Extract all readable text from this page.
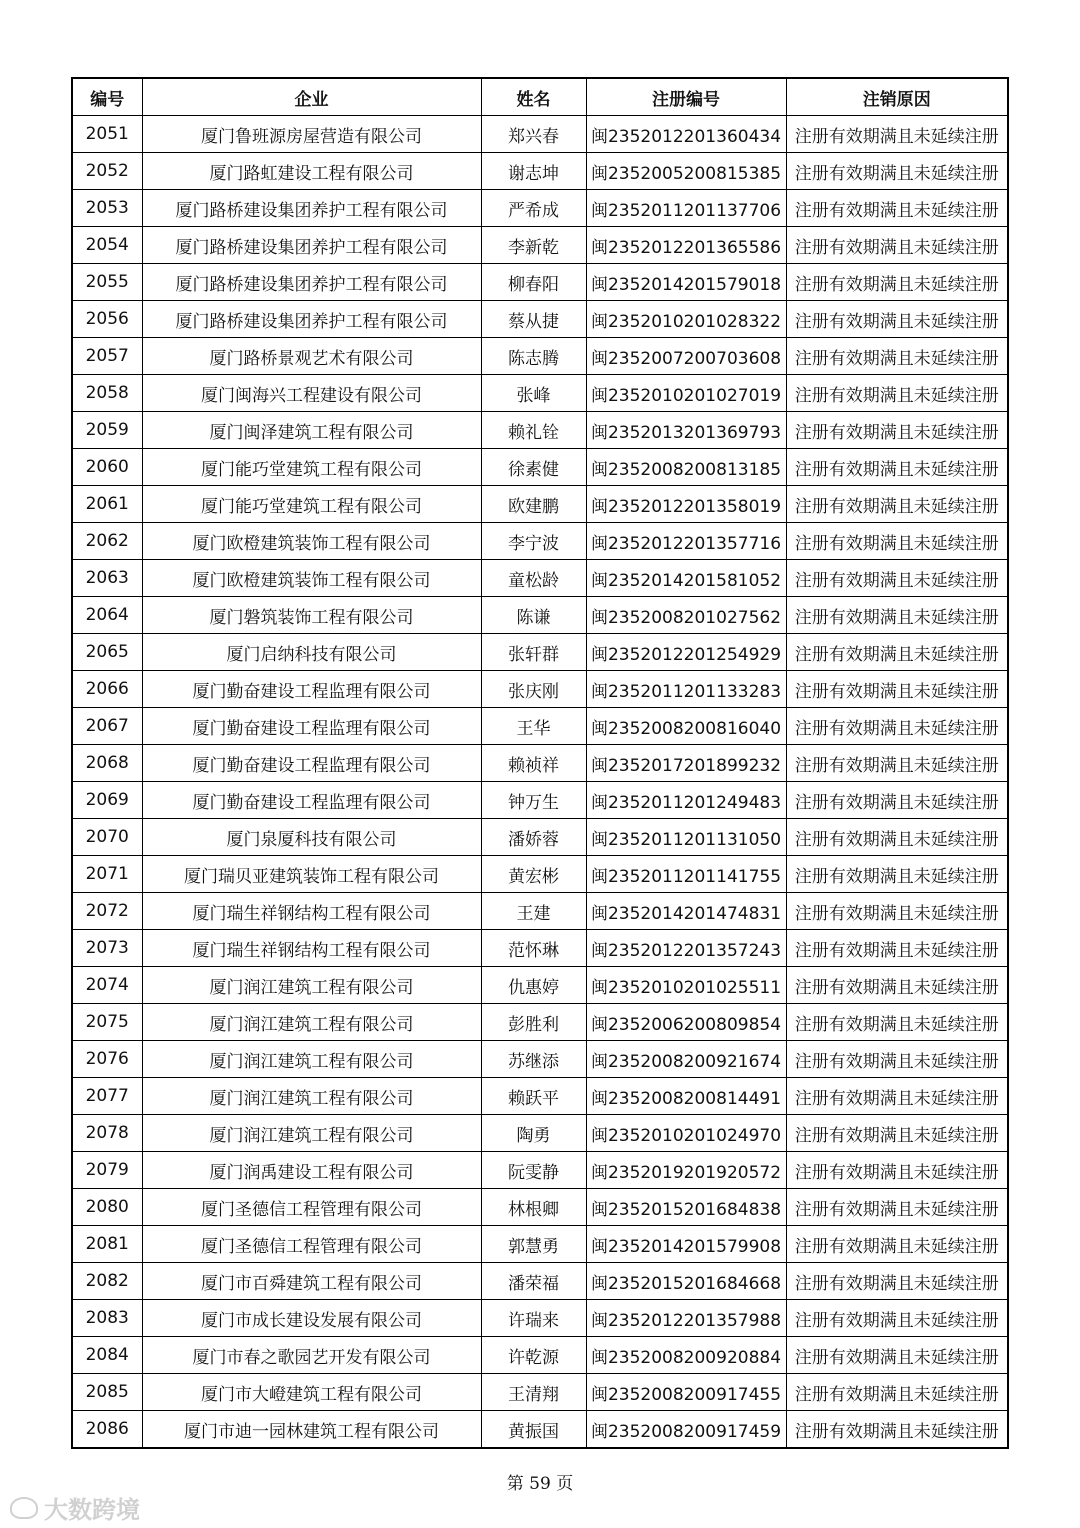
编号	企业	姓名	注册编号	注销原因
2051	厦门鲁班源房屋营造有限公司	郑兴春	闽2352012201360434	注册有效期满且未延续注册
2052	厦门路虹建设工程有限公司	谢志坤	闽2352005200815385	注册有效期满且未延续注册
2053	厦门路桥建设集团养护工程有限公司	严希成	闽2352011201137706	注册有效期满且未延续注册
2054	厦门路桥建设集团养护工程有限公司	李新乾	闽2352012201365586	注册有效期满且未延续注册
2055	厦门路桥建设集团养护工程有限公司	柳春阳	闽2352014201579018	注册有效期满且未延续注册
2056	厦门路桥建设集团养护工程有限公司	蔡从捷	闽2352010201028322	注册有效期满且未延续注册
2057	厦门路桥景观艺术有限公司	陈志腾	闽2352007200703608	注册有效期满且未延续注册
2058	厦门闽海兴工程建设有限公司	张峰	闽2352010201027019	注册有效期满且未延续注册
2059	厦门闽泽建筑工程有限公司	赖礼铨	闽2352013201369793	注册有效期满且未延续注册
2060	厦门能巧堂建筑工程有限公司	徐素健	闽2352008200813185	注册有效期满且未延续注册
2061	厦门能巧堂建筑工程有限公司	欧建鹏	闽2352012201358019	注册有效期满且未延续注册
2062	厦门欧橙建筑装饰工程有限公司	李宁波	闽2352012201357716	注册有效期满且未延续注册
2063	厦门欧橙建筑装饰工程有限公司	童松龄	闽2352014201581052	注册有效期满且未延续注册
2064	厦门磐筑装饰工程有限公司	陈谦	闽2352008201027562	注册有效期满且未延续注册
2065	厦门启纳科技有限公司	张轩群	闽2352012201254929	注册有效期满且未延续注册
2066	厦门勤奋建设工程监理有限公司	张庆刚	闽2352011201133283	注册有效期满且未延续注册
2067	厦门勤奋建设工程监理有限公司	王华	闽2352008200816040	注册有效期满且未延续注册
2068	厦门勤奋建设工程监理有限公司	赖祯祥	闽2352017201899232	注册有效期满且未延续注册
2069	厦门勤奋建设工程监理有限公司	钟万生	闽2352011201249483	注册有效期满且未延续注册
2070	厦门泉厦科技有限公司	潘娇蓉	闽2352011201131050	注册有效期满且未延续注册
2071	厦门瑞贝亚建筑装饰工程有限公司	黄宏彬	闽2352011201141755	注册有效期满且未延续注册
2072	厦门瑞生祥钢结构工程有限公司	王建	闽2352014201474831	注册有效期满且未延续注册
2073	厦门瑞生祥钢结构工程有限公司	范怀琳	闽2352012201357243	注册有效期满且未延续注册
2074	厦门润江建筑工程有限公司	仇惠婷	闽2352010201025511	注册有效期满且未延续注册
2075	厦门润江建筑工程有限公司	彭胜利	闽2352006200809854	注册有效期满且未延续注册
2076	厦门润江建筑工程有限公司	苏继添	闽2352008200921674	注册有效期满且未延续注册
2077	厦门润江建筑工程有限公司	赖跃平	闽2352008200814491	注册有效期满且未延续注册
2078	厦门润江建筑工程有限公司	陶勇	闽2352010201024970	注册有效期满且未延续注册
2079	厦门润禹建设工程有限公司	阮雯静	闽2352019201920572	注册有效期满且未延续注册
2080	厦门圣德信工程管理有限公司	林根卿	闽2352015201684838	注册有效期满且未延续注册
2081	厦门圣德信工程管理有限公司	郭慧勇	闽2352014201579908	注册有效期满且未延续注册
2082	厦门市百舜建筑工程有限公司	潘荣福	闽2352015201684668	注册有效期满且未延续注册
2083	厦门市成长建设发展有限公司	许瑞来	闽2352012201357988	注册有效期满且未延续注册
2084	厦门市春之歌园艺开发有限公司	许乾源	闽2352008200920884	注册有效期满且未延续注册
2085	厦门市大嶝建筑工程有限公司	王清翔	闽2352008200917455	注册有效期满且未延续注册
2086	厦门市迪一园林建筑工程有限公司	黄振国	闽2352008200917459	注册有效期满且未延续注册
第 59 页
大数跨境
